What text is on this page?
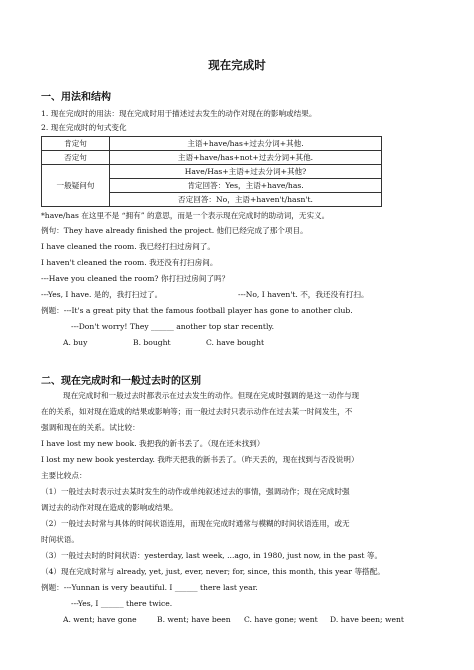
现在完成时
一、用法和结构
1. 现在完成时的用法：现在完成时用于描述过去发生的动作对现在的影响或结果。
2. 现在完成时的句式变化
肯定句	主语+have/has+过去分词+其他.
否定句	主语+have/has+not+过去分词+其他.
一般疑问句	Have/Has+主语+过去分词+其他?
	肯定回答：Yes，主语+have/has.
	否定回答：No，主语+haven't/hasn't.
*have/has 在这里不是 “拥有” 的意思，而是一个表示现在完成时的助动词，无实义。
例句：They have already finished the project. 他们已经完成了那个项目。
I have cleaned the room. 我已经打扫过房间了。
I haven't cleaned the room. 我还没有打扫房间。
---Have you cleaned the room? 你打扫过房间了吗？
---Yes, I have. 是的，我打扫过了。	---No, I haven't. 不，我还没有打扫。
例题：---It's a great pity that the famous football player has gone to another club.
---Don't worry! They ______ another top star recently.
A. buy	B. bought	C. have bought
二、现在完成时和一般过去时的区别
现在完成时和一般过去时都表示在过去发生的动作。但现在完成时强调的是这一动作与现
在的关系，如对现在造成的结果或影响等；而一般过去时只表示动作在过去某一时间发生，不
强调和现在的关系。试比较：
I have lost my new book. 我把我的新书丢了。（现在还未找到）
I lost my new book yesterday. 我昨天把我的新书丢了。（昨天丢的，现在找到与否没说明）
主要比较点：
（1）一般过去时表示过去某时发生的动作或单纯叙述过去的事情，强调动作；现在完成时强
调过去的动作对现在造成的影响或结果。
（2）一般过去时常与具体的时间状语连用，而现在完成时通常与模糊的时间状语连用，或无
时间状语。
（3）一般过去时的时间状语：yesterday, last week, ...ago, in 1980, just now, in the past 等。
（4）现在完成时常与 already, yet, just, ever, never; for, since, this month, this year 等搭配。
例题：---Yunnan is very beautiful. I ______ there last year.
---Yes, I ______ there twice.
A. went; have gone	B. went; have been C. have gone; went D. have been; went
